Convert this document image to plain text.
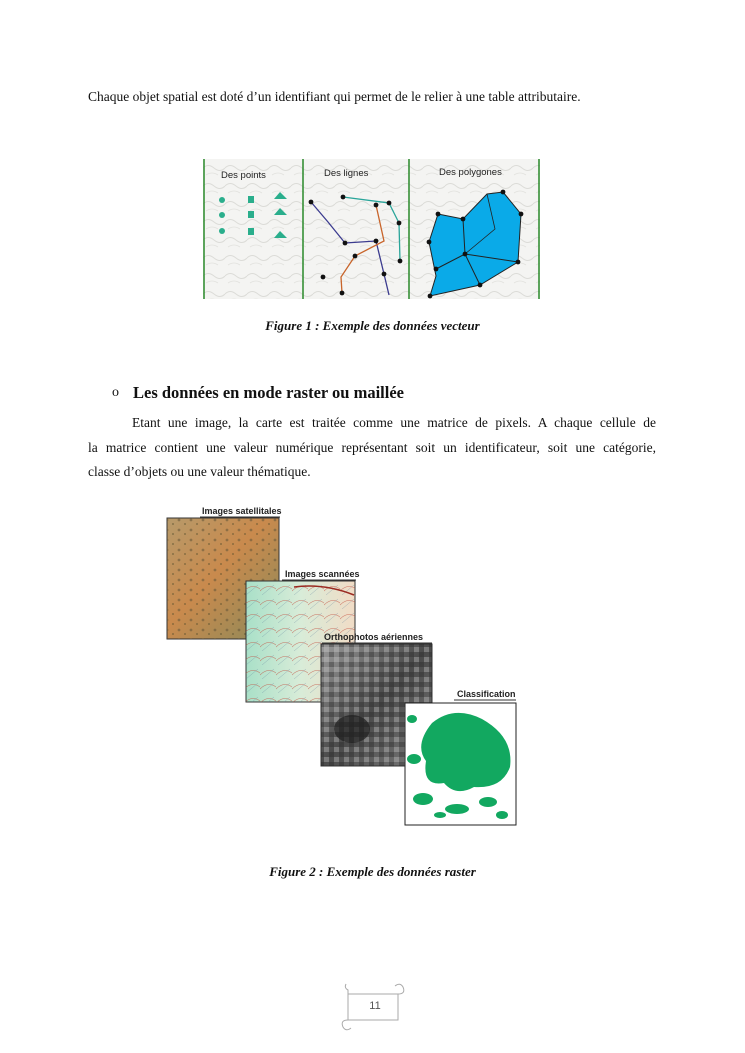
Chaque objet spatial est doté d’un identifiant qui permet de le relier à une table attributaire.
Des points	Des lignes	Des polygones
Figure 1 : Exemple des données vecteur
o Les données en mode raster ou maillée
Etant une image, la carte est traitée comme une matrice de pixels. A chaque cellule de
la matrice contient une valeur numérique représentant soit un identificateur, soit une catégorie,
classe d’objets ou une valeur thématique.
Images satellitales
Images scannées
Orthophotos aériennes
Classification
Figure 2 : Exemple des données raster
11
